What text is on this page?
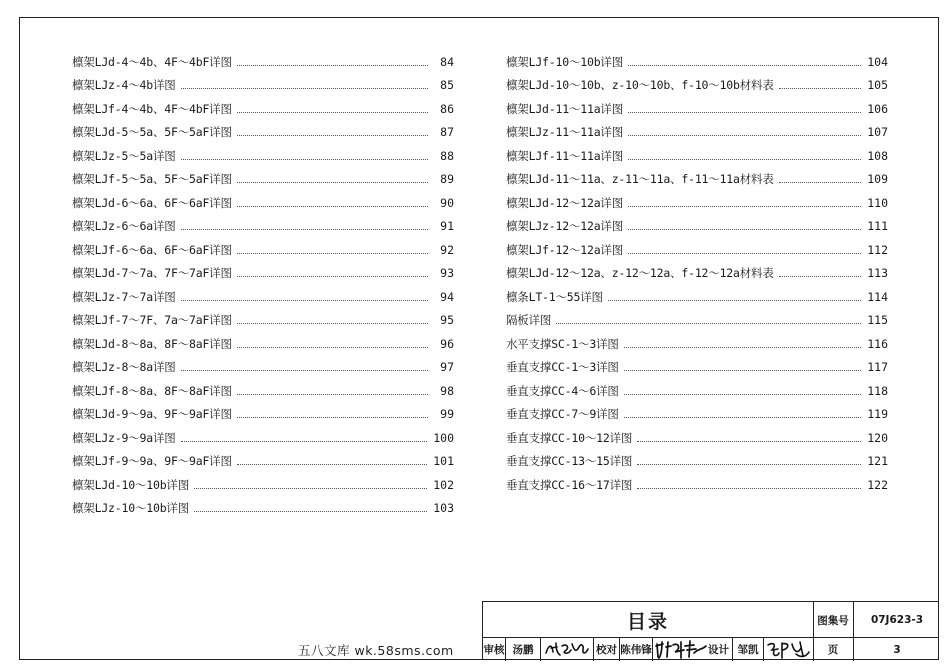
檩架LJd-4～4b、4F～4bF详图	84
檩架LJz-4～4b详图	85
檩架LJf-4～4b、4F～4bF详图	86
檩架LJd-5～5a、5F～5aF详图	87
檩架LJz-5～5a详图	88
檩架LJf-5～5a、5F～5aF详图	89
檩架LJd-6～6a、6F～6aF详图	90
檩架LJz-6～6a详图	91
檩架LJf-6～6a、6F～6aF详图	92
檩架LJd-7～7a、7F～7aF详图	93
檩架LJz-7～7a详图	94
檩架LJf-7～7F、7a～7aF详图	95
檩架LJd-8～8a、8F～8aF详图	96
檩架LJz-8～8a详图	97
檩架LJf-8～8a、8F～8aF详图	98
檩架LJd-9～9a、9F～9aF详图	99
檩架LJz-9～9a详图	100
檩架LJf-9～9a、9F～9aF详图	101
檩架LJd-10～10b详图	102
檩架LJz-10～10b详图	103
檩架LJf-10～10b详图	104
檩架LJd-10～10b、z-10～10b、f-10～10b材料表	105
檩架LJd-11～11a详图	106
檩架LJz-11～11a详图	107
檩架LJf-11～11a详图	108
檩架LJd-11～11a、z-11～11a、f-11～11a材料表	109
檩架LJd-12～12a详图	110
檩架LJz-12～12a详图	111
檩架LJf-12～12a详图	112
檩架LJd-12～12a、z-12～12a、f-12～12a材料表	113
檩条LT-1～55详图	114
隔板详图	115
水平支撑SC-1～3详图	116
垂直支撑CC-1～3详图	117
垂直支撑CC-4～6详图	118
垂直支撑CC-7～9详图	119
垂直支撑CC-10～12详图	120
垂直支撑CC-13～15详图	121
垂直支撑CC-16～17详图	122
目录	图集号	07J623-3
审核 汤鹏	校对 陈伟锋	设计 邹凯	页	3
五八文库 wk.58sms.com
